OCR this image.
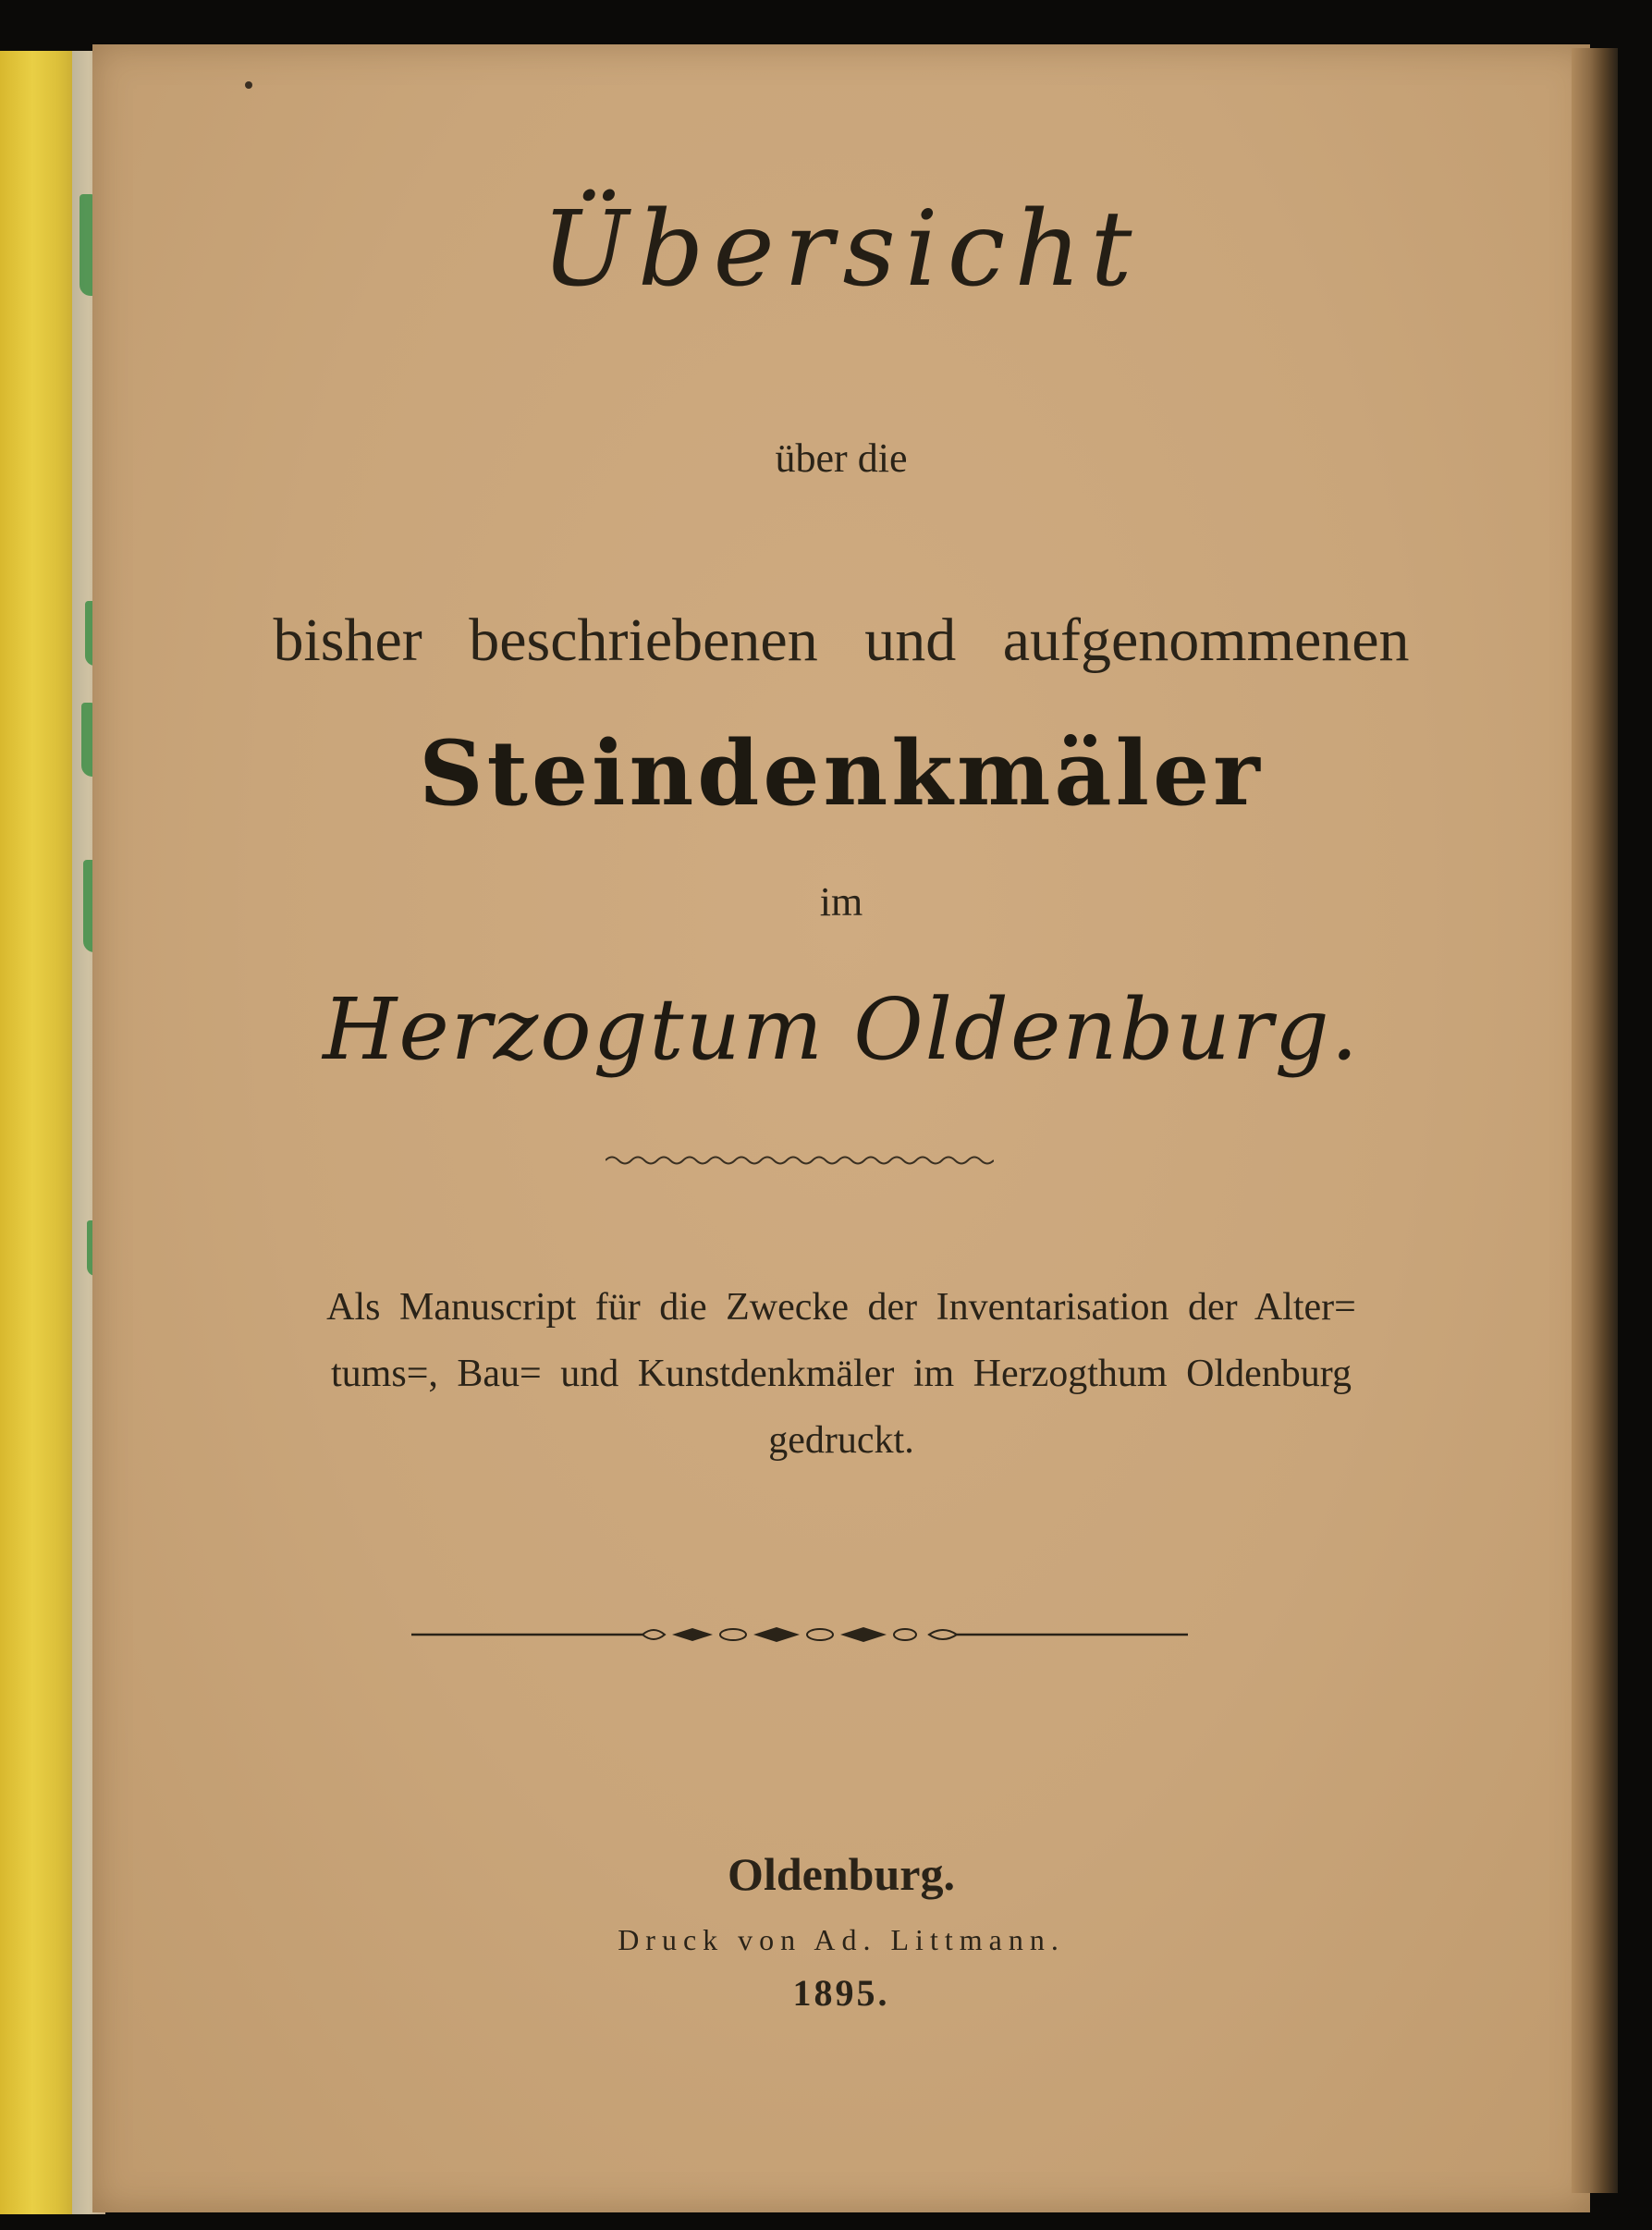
Übersicht
über die
bisher beschriebenen und aufgenommenen
Steindenkmäler
im
Herzogtum Oldenburg.
Als Manuscript für die Zwecke der Inventarisation der Alter=
tums=, Bau= und Kunstdenkmäler im Herzogthum Oldenburg
gedruckt.
Oldenburg.
Druck von Ad. Littmann.
1895.
